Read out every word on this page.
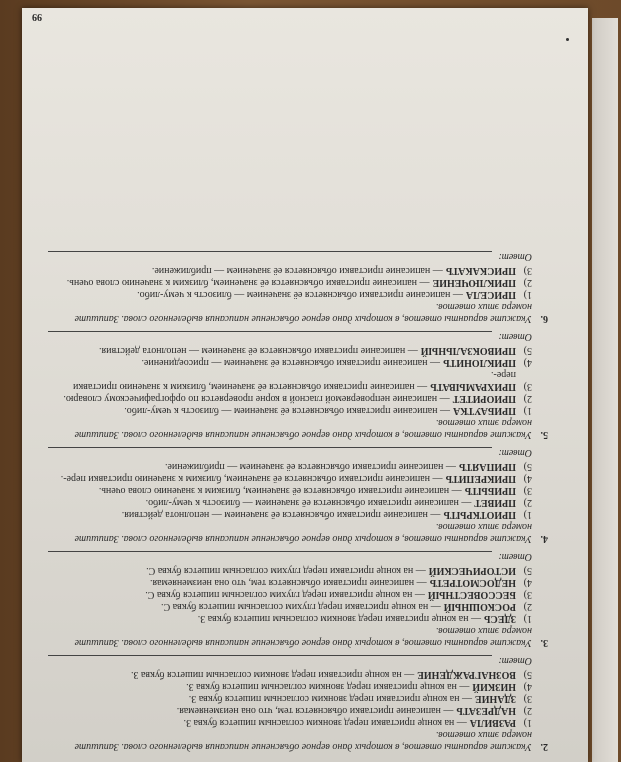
2.
Укажите варианты ответов, в которых дано верное объяснение написания выделенного слова. Запишите номера этих ответов.
1)
РАЗВИЛА— на конце приставки перед звонким согласным пишется буква З.
2)
НАДРЕЗАТЬ— написание приставки объясняется тем, что она неизменяемая.
3)
ЗДАНИЕ— на конце приставки перед звонким согласным пишется буква З.
4)
НИЗКИЙ— на конце приставки перед звонким согласным пишется буква З.
5)
ВОЗНАГРАЖДЕНИЕ— на конце приставки перед звонким согласным пишется буква З.
Ответ:
3.
Укажите варианты ответов, в которых дано верное объяснение написания выделенного слова. Запишите номера этих ответов.
1)
ЗДЕСЬ— на конце приставки перед звонким согласным пишется буква З.
2)
РОСКОШНЫЙ— на конце приставки перед глухим согласным пишется буква С.
3)
БЕССОВЕСТНЫЙ— на конце приставки перед глухим согласным пишется буква С.
4)
НЕДОСМОТРЕТЬ— написание приставки объясняется тем, что она неизменяемая.
5)
ИСТОРИЧЕСКИЙ— на конце приставки перед глухим согласным пишется буква С.
Ответ:
4.
Укажите варианты ответов, в которых дано верное объяснение написания выделенного слова. Запишите номера этих ответов.
1)
ПРИОТКРЫТЬ— написание приставки объясняется её значением — неполнота действия.
2)
ПРИВЕТ— написание приставки объясняется её значением — близость к чему-либо.
3)
ПРИБЫТЬ— написание приставки объясняется её значением, близким к значению слова очень.
4)
ПРИКРЕПИТЬ— написание приставки объясняется её значением, близким к значению приставки пере-.
5)
ПРИПАЯТЬ— написание приставки объясняется её значением — приближение.
Ответ:
5.
Укажите варианты ответов, в которых дано верное объяснение написания выделенного слова. Запишите номера этих ответов.
1)
ПРИБАУТКА— написание приставки объясняется её значением — близость к чему-либо.
2)
ПРИОРИТЕТ— написание непроверяемой гласной в корне проверяется по орфографическому словарю.
3)
ПРИХРАМЫВАТЬ— написание приставки объясняется её значением, близким к значению приставки пере-.
4)
ПРИКЛОНИТЬ— написание приставки объясняется её значением — присоединение.
5)
ПРИВОКЗАЛЬНЫЙ— написание приставки объясняется её значением — неполнота действия.
Ответ:
6.
Укажите варианты ответов, в которых дано верное объяснение написания выделенного слова. Запишите номера этих ответов.
1)
ПРИСЕЛА— написание приставки объясняется её значением — близость к чему-либо.
2)
ПРИКЛЮЧЕНИЕ— написание приставки объясняется её значением, близким к значению слова очень.
3)
ПРИСКАКАТЬ— написание приставки объясняется её значением — приближение.
Ответ:
99
